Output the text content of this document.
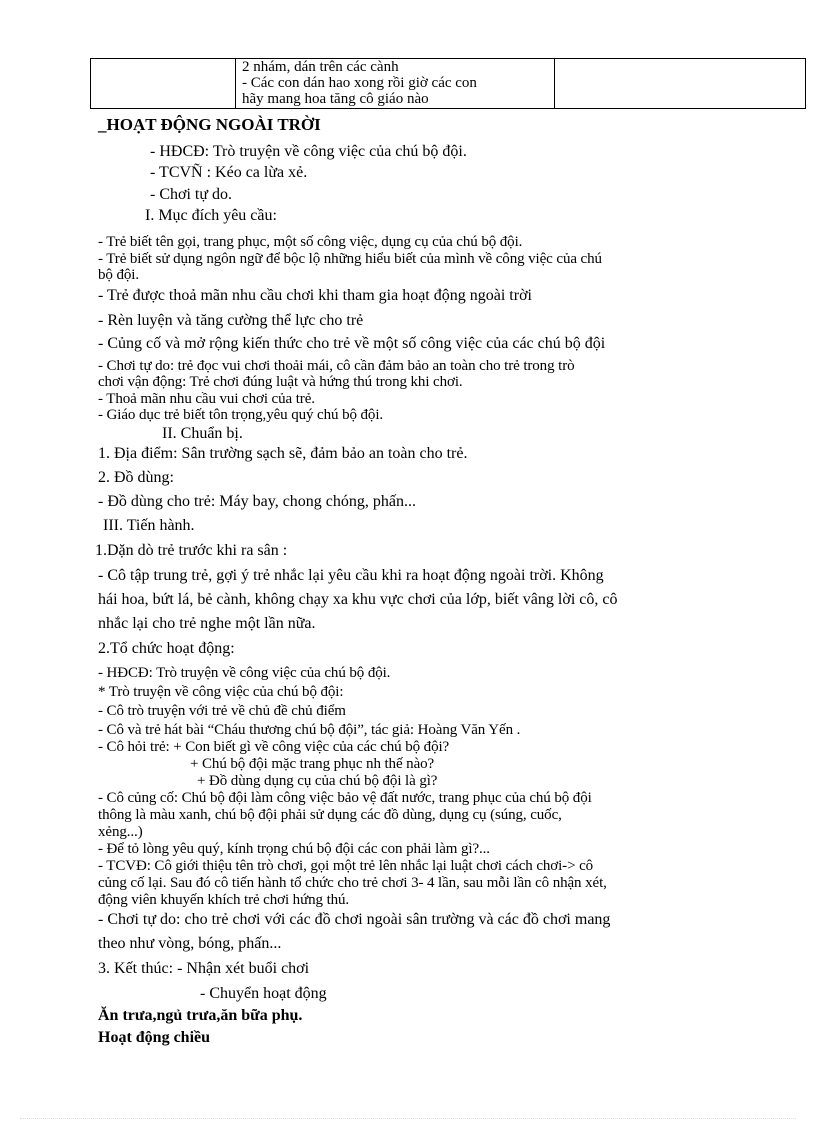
2 nhám, dán trên các cành
- Các con dán hao xong rồi giờ các con
hãy mang hoa tăng cô giáo nào
_HOẠT ĐỘNG NGOÀI TRỜI
- HĐCĐ: Trò truyện về công việc của chú bộ đội.
- TCVÑ : Kéo ca lừa xẻ.
- Chơi tự do.
I. Mục đích yêu cầu:
- Trẻ biết tên gọi, trang phục, một số công việc, dụng cụ của chú bộ đội.
- Trẻ biết sử dụng ngôn ngữ để bộc lộ những hiểu biết của mình về công việc của chú
bộ đội.
- Trẻ được thoả mãn nhu cầu chơi khi tham gia hoạt động ngoài trời
- Rèn luyện và tăng cường thể lực cho trẻ
- Củng cố và mở rộng kiến thức cho trẻ về một số công việc của các chú bộ đội
- Chơi tự do: trẻ đọc vui chơi thoải mái, cô cần đảm bảo an toàn cho trẻ trong trò
chơi vận động: Trẻ chơi đúng luật và hứng thú trong khi chơi.
- Thoả mãn nhu cầu vui chơi của trẻ.
- Giáo dục trẻ biết tôn trọng,yêu quý chú bộ đội.
II. Chuẩn bị.
1. Địa điểm: Sân trường sạch sẽ, đảm bảo an toàn cho trẻ.
2. Đồ dùng:
- Đồ dùng cho trẻ: Máy bay, chong chóng, phấn...
III. Tiến hành.
1.Dặn dò trẻ trước khi ra sân :
- Cô tập trung trẻ, gợi ý trẻ nhắc lại yêu cầu khi ra hoạt động ngoài trời. Không
hái hoa, bứt lá, bẻ cành, không chạy xa khu vực chơi của lớp, biết vâng lời cô, cô
nhắc lại cho trẻ nghe một lần nữa.
2.Tổ chức hoạt động:
- HĐCĐ: Trò truyện về công việc của chú bộ đội.
* Trò truyện về công việc của chú bộ đội:
- Cô trò truyện với trẻ về chủ đề chủ điểm
- Cô và trẻ hát bài “Cháu thương chú bộ đội”, tác giả: Hoàng Văn Yến .
- Cô hỏi trẻ: + Con biết gì về công việc của các chú bộ đội?
+ Chú bộ đội mặc trang phục nh thế nào?
+ Đồ dùng dụng cụ của chú bộ đội là gì?
- Cô củng cố: Chú bộ đội làm công việc bảo vệ đất nước, trang phục của chú bộ đội
thông là màu xanh, chú bộ đội phải sử dụng các đồ dùng, dụng cụ (súng, cuốc,
xẻng...)
- Để tỏ lòng yêu quý, kính trọng chú bộ đội các con phải làm gì?...
- TCVĐ: Cô giới thiệu tên trò chơi, gọi một trẻ lên nhắc lại luật chơi cách chơi-> cô
củng cố lại. Sau đó cô tiến hành tổ chức cho trẻ chơi 3- 4 lần, sau mỗi lần cô nhận xét,
động viên khuyến khích trẻ chơi hứng thú.
- Chơi tự do: cho trẻ chơi với các đồ chơi ngoài sân trường và các đồ chơi mang
theo như vòng, bóng, phấn...
3. Kết thúc: - Nhận xét buổi chơi
- Chuyển hoạt động
Ăn trưa,ngủ trưa,ăn bữa phụ.
Hoạt động chiều
